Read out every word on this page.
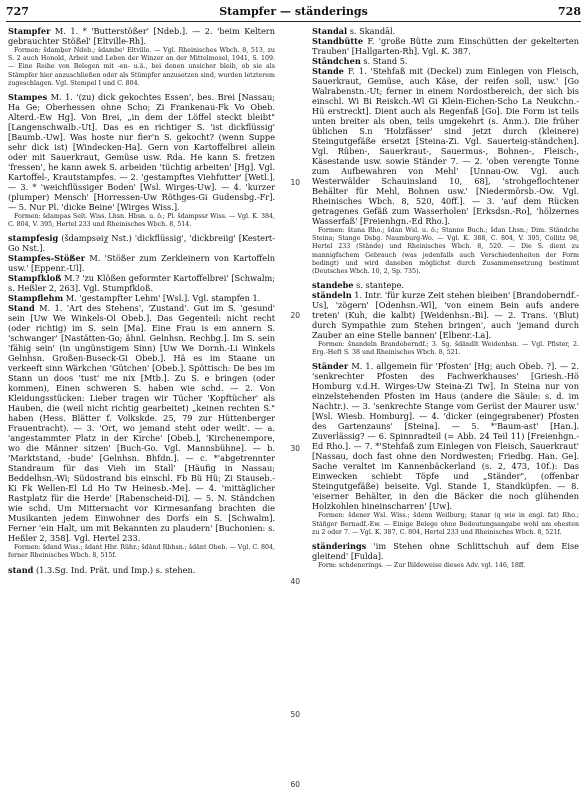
727	Stampfer — ständerings	728

Stampfer M. 1. * 'Butterstößer' [Ndeb.]. — 2. 'beim Keltern gebrauchter Stößel' [Eltville-Rh].

Formen: šdamḇer Ndeb.; šdambeˀ Eltville. — Vgl. Rheinisches Wbch. 8, 513, zu S. 2 auch Honold, Arbeit und Leben der Winzer an der Mittelmosel, 1941, S. 109. — Eine Reihe von Belegen mit -en- u.ä., bei denen unsicher bleib, ob sie als Stämpfer hier anzuschließen oder als Stümpfer anzusetzen sind, wurden letzterem zugeschlagen. Vgl. Stempel I und C. 804.

Stampes M. 1. '(zu) dick gekochtes Essen', bes. Brei [Nassau; Ha Ge; Oberhessen ohne Scho; Zi Frankenau-Fk Vo Obeb. Alterd.-Ew Hg]. Von Brei, „in dem der Löffel steckt bleibt" [Langenschwalb.-Ut]. Das es en richtiger S. 'ist dickflüssig' [Baumb.-Uw]. Was hoste nur fier'n S. gekocht? (wenn Suppe sehr dick ist) [Windecken-Ha]. Gern von Kartoffelbrei allein oder mit Sauerkraut, Gemüse usw. Rda. He kann S. fretzen 'fressen', he kann awek S. arbeiden 'tüchtig arbeiten' [Hg]. Vgl. Kartoffel-, Krautstampfes. — 2. 'gestampftes Viehfutter' [Wetl.]. — 3. * 'weichflüssiger Boden' [Wsl. Wirges-Uw]. — 4. 'kurzer (plumper) Mensch' [Horressen-Uw Röthges-Gi Gudensbg.-Fr]. — 5. Nur Pl. 'dicke Beine' [Wirges Wiss.].

Formen: šdampas Selt. Wiss. Lhsn. Hbsn. u. ö.; Pl. šdampssr Wiss. — Vgl. K. 384, C. 804, V. 395, Hertel 233 und Rheinisches Wbch. 8, 514.

stampfesig (šdampsəiχ Nst.) 'dickflüssig', 'dickbreiig' [Kestert-Go Nst.].

Stampfes-Stößer M. 'Stößer zum Zerkleinern von Kartoffeln usw.' [Eppenr.-Ul].

Stampfkloß M.? 'zu Klößen geformter Kartoffelbrei' [Schwalm; s. Heßler 2, 263]. Vgl. Stumpfkloß.

Stampflehm M. 'gestampfter Lehm' [Wsl.]. Vgl. stampfen 1.

Stand M. 1. 'Art des Stehens', 'Zustand'. Gut im S. 'gesund' sein [Uw We Winkels-Ol Obeb.]. Das Gegenteil: nicht recht (oder richtig) im S. sein [Ma]. Eine Frau is em annern S. 'schwanger' [Nastätten-Go; ähnl. Gelnhsn. Rechbg.]. Im S. sein 'fähig sein' (in ungünstigem Sinn) [Uw We Dornh.-Li Winkels Gelnhsn. Großen-Buseck-Gi Obeb.]. Hä es im Staane un verkeeft sinn Wärkchen 'Gütchen' [Obeb.]. Spöttisch: De bes im Stann un doos 'tust' me nix [Mtb.]. Zu S. e bringen (oder kommen), Einen schweren S. haben wie schd. — 2. Von Kleidungsstücken: Lieber tragen wir Tücher 'Kopftücher' als Hauben, die (weil nicht richtig gearbeitet) „keinen rechten S." haben (Hess. Blätter f. Volkskde. 25, 79 zur Hüttenberger Frauentracht). — 3. 'Ort, wo jemand steht oder weilt'. — a. 'angestammter Platz in der Kirche' [Obeb.], 'Kirchenempore, wo die Männer sitzen' [Buch-Go. Vgl. Mannsbühne]. — b. 'Marktstand, -bude' [Gelnhsn. Bhfdn.]. — c. *'abgetrennter Standraum für das Vieh im Stall' [Häufig in Nassau; Beddelhsn.-Wi; Südostrand bis einschl. Fb Bü Hü; Zi Stauseb.-Ki Fk Wellen-El Ld Ho Tw Heinesb.-Me]. — 4. 'mittäglicher Rastplatz für die Herde' [Rabenscheid-Di]. — 5. N. Ständchen wie schd. Um Mitternacht vor Kirmesanfang brachten die Musikanten jedem Einwohner des Dorfs ein S. [Schwalm]. Ferner 'ein Halt, um mit Bekannten zu plaudern' [Buchonien: s. Heßler 2, 358]. Vgl. Hertel 233.

Formen: šdand Wiss.; šdant Hbr. Rühr.; šdānd Rbhsn.; šdānt Obeb. — Vgl. C. 804, ferner Rheinisches Wbch. 8, 515f.

stand (1.3.Sg. Ind. Prät. und Imp.) s. stehen.

10
20
30
40
50
60

Standal s. Skandāl.

Standbütte F. 'große Bütte zum Einschütten der gekelterten Trauben' [Hallgarten-Rh]. Vgl. K. 387.

Ständchen s. Stand 5.

Stande F. 1. 'Stehfaß mit (Deckel) zum Einlegen von Fleisch, Sauerkraut, Gemüse, auch Käse, der reifen soll, usw.' [Go Walrabenstn.-Ut; ferner in einem Nordostbereich, der sich bis einschl. Wi Bi Reiskch.-Wl Gi Klein-Eichen-Scho La Neukchn.-Hü erstreckt]. Dient auch als Regenfaß [Go]. Die Form ist teils unten breiter als oben, teils umgekehrt (s. Anm.). Die früher üblichen S.n 'Holzfässer' sind jetzt durch (kleinere) Steingutgefäße ersetzt [Steina-Zi. Vgl. Sauerteig-ständchen]. Vgl. Rüben-, Sauerkraut-, Sauermus-, Bohnen-, Fleisch-, Käsestande usw. sowie Ständer 7. — 2. 'oben verengte Tonne zum Aufbewahren von Mehl' [Unnau-Ow. Vgl. auch Westerwälder Schauinsland 10, 68], 'strohgeflochtener Behälter für Mehl, Bohnen usw.' [Niedermörsb.-Ow. Vgl. Rheinisches Wbch. 8, 520, 40ff.]. — 3. 'auf dem Rücken getragenes Gefäß zum Wasserholen' [Erksdsn.-Ro], 'hölzernes Wasserfaß' [Freienhgn.-Ed Rho.].

Formen: štana Rho.; šdan Wsl. u. ö.; Stanne Buch.; šdan Lhsn.; Dim. Ständche Steina; Stange Dsbg. Naumburg-Wo. — Vgl. K. 388, C. 804, V. 395, Collitz 98, Hertel 233 (Stände) und Rheinisches Wbch. 8, 520. — Die S. dient zu mannigfachem Gebrauch (was jedenfalls auch Verschiedenheiten der Form bedingt) und wird daneben möglichst durch Zusammensetzung bestimmt (Deutsches Wbch. 10, 2, Sp. 735).

standebe s. stantepe.

ständeln 1. Intr. 'für kurze Zeit stehen bleiben' [Brandoberndf.-Us], 'zögern' [Odenhsn.-Wl], 'von einem Bein aufs andere treten' (Kuh, die kalbt) [Weidenhsn.-Bi]. — 2. Trans. '(Blut) durch Sympathie zum Stehen bringen', auch 'jemand durch Zauber an eine Stelle bannen' [Elbenr.-La].

Formen: šnandeln Brandoberndf.; 3. Sg. šdändlt Weidenhsn. — Vgl. Pfister, 2. Erg.-Heft S. 38 und Rheinisches Wbch. 8, 521.

Ständer M. 1. allgemein für 'Pfosten' [Hg; auch Obeb. ?]. — 2. 'senkrechter Pfosten des Fachwerkhauses' [Griesh.-Hö Homburg v.d.H. Wirges-Uw Steina-Zi Tw]. In Steina nur von einzelstehenden Pfosten im Haus (andere die Säule: s. d. im Nachtr.). — 3. 'senkrechte Stange vom Gerüst der Maurer usw.' [Wsl. Wiesb. Homburg]. — 4. 'dicker (eingegrabener) Pfosten des Gartenzauns' [Steina]. — 5. *'Baum-ast' [Han.]. Zuverlässig? — 6. Spinnradteil (= Abb. 24 Teil 11) [Freienhgn.-Ed Rho.]. — 7. *'Stehfaß zum Einlegen von Fleisch, Sauerkraut' [Nassau, doch fast ohne den Nordwesten; Friedbg. Han. Ge]. Sache veraltet im Kannenbäckerland (s. 2, 473, 10f.): Das Einwecken schiebt Töpfe und „Ständer", (offenbar Steingutgefäße) beiseite. Vgl. Stande 1, Standküpfen. — 8. 'eiserner Behälter, in den die Bäcker die noch glühenden Holzkohlen hineinscharren' [Uw].

Formen: šdener Wsl. Wiss.; šdenn Weilburg; štanar (q wie in engl. fat) Rho.; Stäñger Bernadf.-Ew. — Einige Belege ohne Bedeutungsangabe wohl am ehesten zu 2 oder 7. — Vgl. K. 387, C. 804, Hertel 233 und Rheinisches Wbch. 8, 521f.

ständerings 'im Stehen ohne Schlittschuh auf dem Eise gleitend' [Fulda].

Form: schdenerings. — Zur Bildeweise dieses Adv. vgl. 146, 18ff.
